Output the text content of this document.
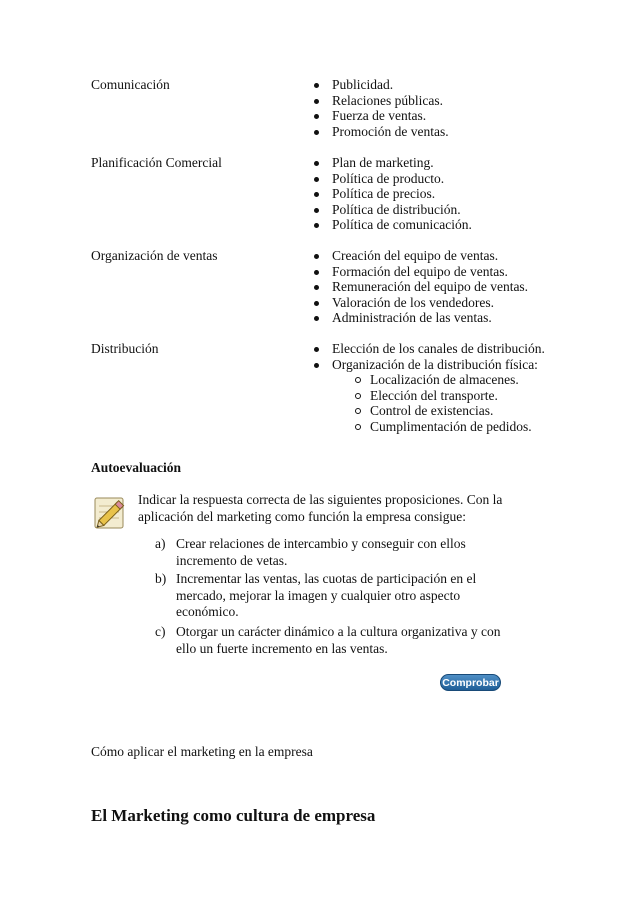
Comunicación	Publicidad.
Relaciones públicas.
Fuerza de ventas.
Promoción de ventas.
Planificación Comercial	Plan de marketing.
Política de producto.
Política de precios.
Política de distribución.
Política de comunicación.
Organización de ventas	Creación del equipo de ventas.
Formación del equipo de ventas.
Remuneración del equipo de ventas.
Valoración de los vendedores.
Administración de las ventas.
Distribución	Elección de los canales de distribución.
Organización de la distribución física:
Localización de almacenes.
Elección del transporte.
Control de existencias.
Cumplimentación de pedidos.
Autoevaluación
Indicar la respuesta correcta de las siguientes proposiciones. Con la
aplicación del marketing como función la empresa consigue:
a) Crear relaciones de intercambio y conseguir con ellos
incremento de vetas.
b) Incrementar las ventas, las cuotas de participación en el
mercado, mejorar la imagen y cualquier otro aspecto
económico.
c) Otorgar un carácter dinámico a la cultura organizativa y con
ello un fuerte incremento en las ventas.
Comprobar
Cómo aplicar el marketing en la empresa
El Marketing como cultura de empresa
